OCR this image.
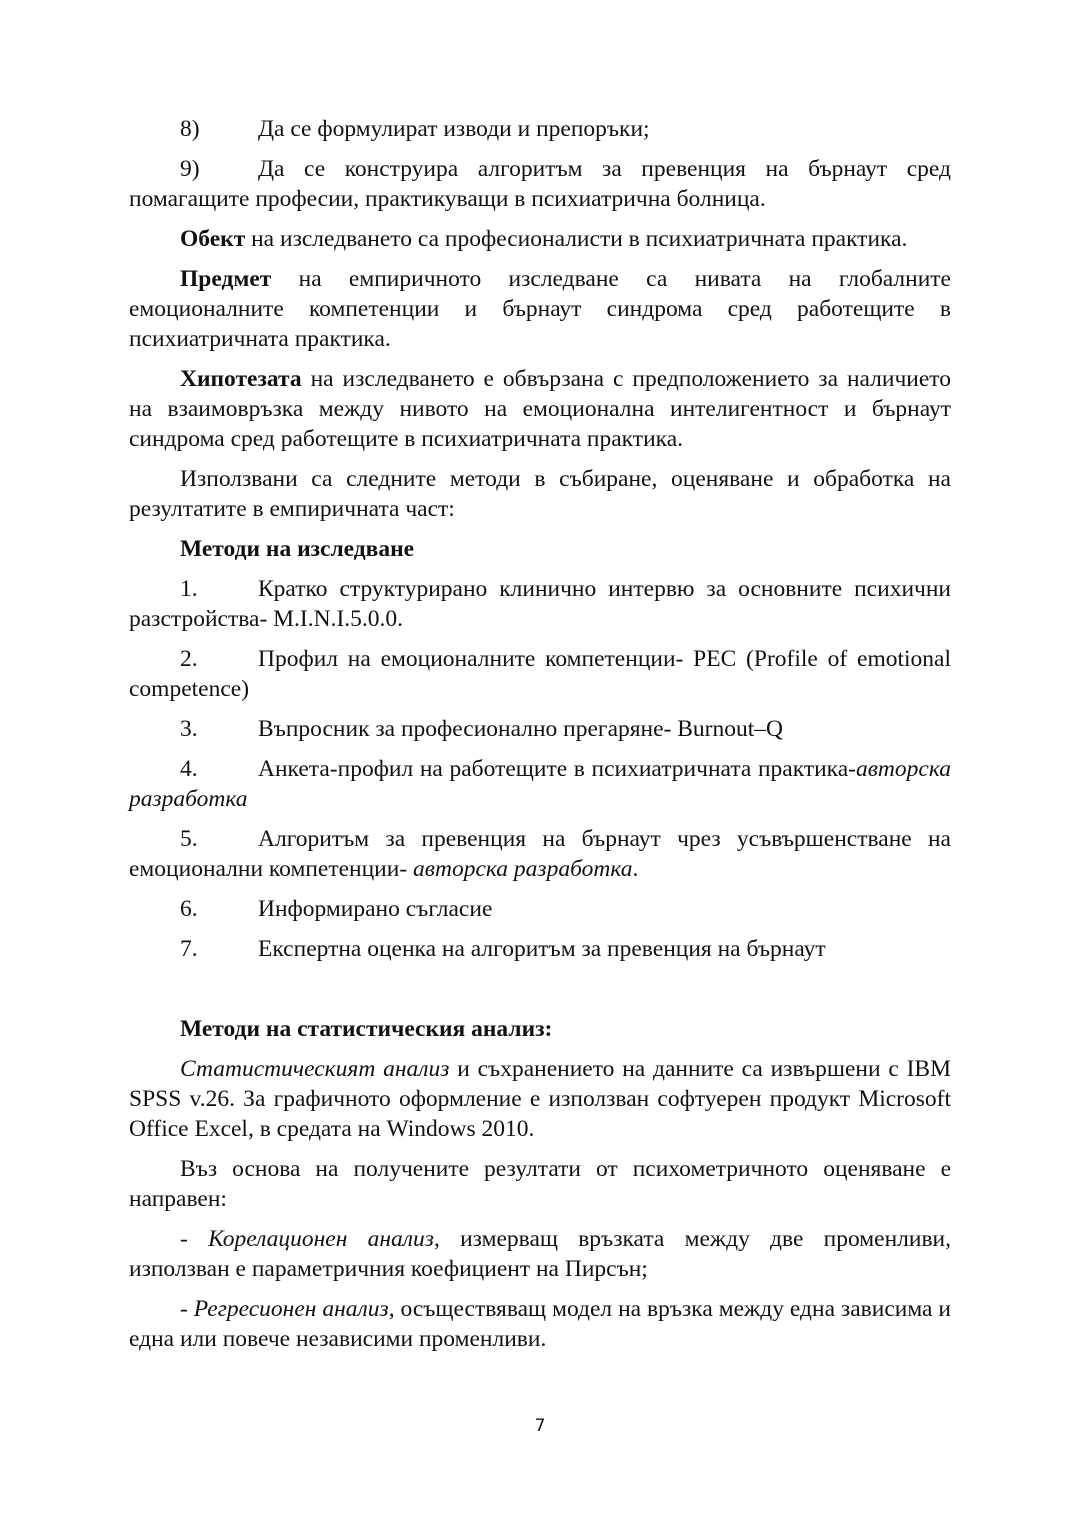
8) Да се формулират изводи и препоръки;

9) Да се конструира алгоритъм за превенция на бърнаут сред помагащите професии, практикуващи в психиатрична болница.

Обект на изследването са професионалисти в психиатричната практика.

Предмет на емпиричното изследване са нивата на глобалните емоционалните компетенции и бърнаут синдрома сред работещите в психиатричната практика.

Хипотезата на изследването е обвързана с предположението за наличието на взаимовръзка между нивото на емоционална интелигентност и бърнаут синдрома сред работещите в психиатричната практика.

Използвани са следните методи в събиране, оценяване и обработка на резултатите в емпиричната част:

Методи на изследване

1.	Кратко структурирано клинично интервю за основните психични разстройства- M.I.N.I.5.0.0.

2.	Профил на емоционалните компетенции- PEC (Profile of emotional competence)

3.	Въпросник за професионално прегаряне- Burnout–Q

4.	Анкета-профил на работещите в психиатричната практика-авторска разработка

5.	Алгоритъм за превенция на бърнаут чрез усъвършенстване на емоционални компетенции- авторска разработка.

6.	Информирано съгласие

7.	Експертна оценка на алгоритъм за превенция на бърнаут

Методи на статистическия анализ:

Статистическият анализ и съхранението на данните са извършени с IBM SPSS v.26. За графичното оформление е използван софтуерен продукт Microsoft Office Excel, в средата на Windows 2010.

Въз основа на получените резултати от психометричното оценяване е направен:

- Корелационен анализ, измерващ връзката между две променливи, използван е параметричния коефициент на Пирсън;

- Регресионен анализ, осъществяващ модел на връзка между една зависима и една или повече независими променливи.

7
